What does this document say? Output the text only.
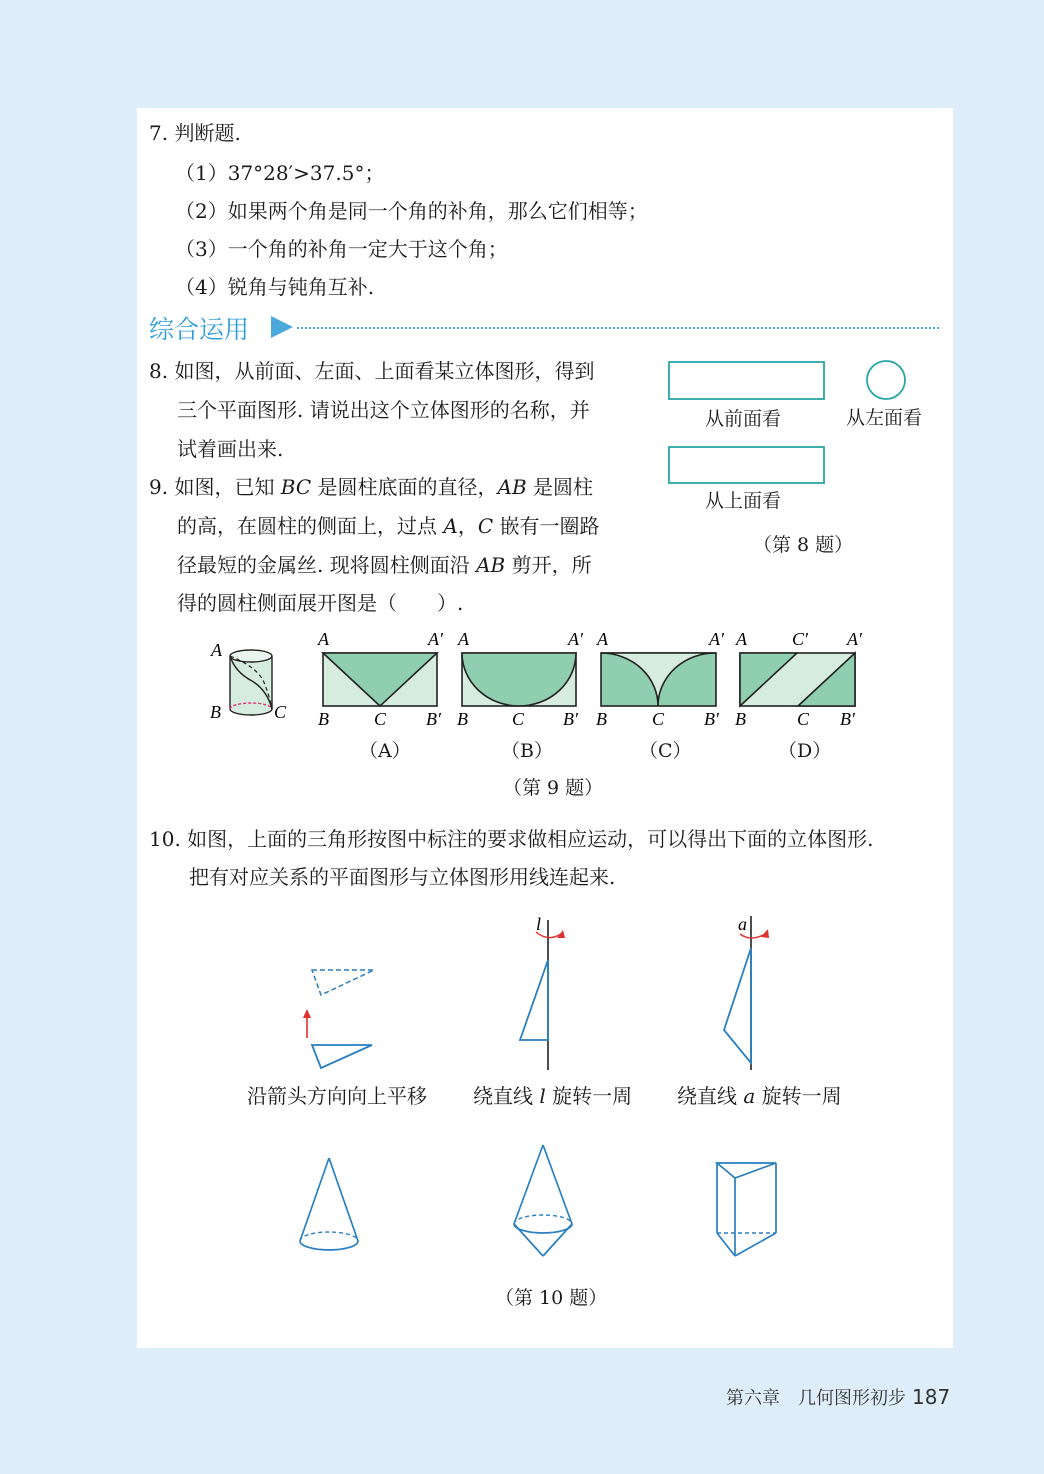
7. 判断题.
（1）37°28′>37.5°；
（2）如果两个角是同一个角的补角，那么它们相等；
（3）一个角的补角一定大于这个角；
（4）锐角与钝角互补.
综合运用
8. 如图，从前面、左面、上面看某立体图形，得到
三个平面图形. 请说出这个立体图形的名称，并
试着画出来.
从前面看	从左面看
从上面看
（第 8 题）
9. 如图，已知 BC 是圆柱底面的直径，AB 是圆柱
的高，在圆柱的侧面上，过点 A，C 嵌有一圈路
径最短的金属丝. 现将圆柱侧面沿 AB 剪开，所
得的圆柱侧面展开图是（　　）.
A
B	C
A	A′
B	C B′
A	A′
B C B′
A	A′
B	C B′
A	C′ A′
B	C B′
（A）	（B）	（C）	（D）
（第 9 题）
10. 如图，上面的三角形按图中标注的要求做相应运动，可以得出下面的立体图形.
把有对应关系的平面图形与立体图形用线连起来.
l	a
沿箭头方向向上平移 绕直线 l 旋转一周 绕直线 a 旋转一周
（第 10 题）
第六章　几何图形初步 187
